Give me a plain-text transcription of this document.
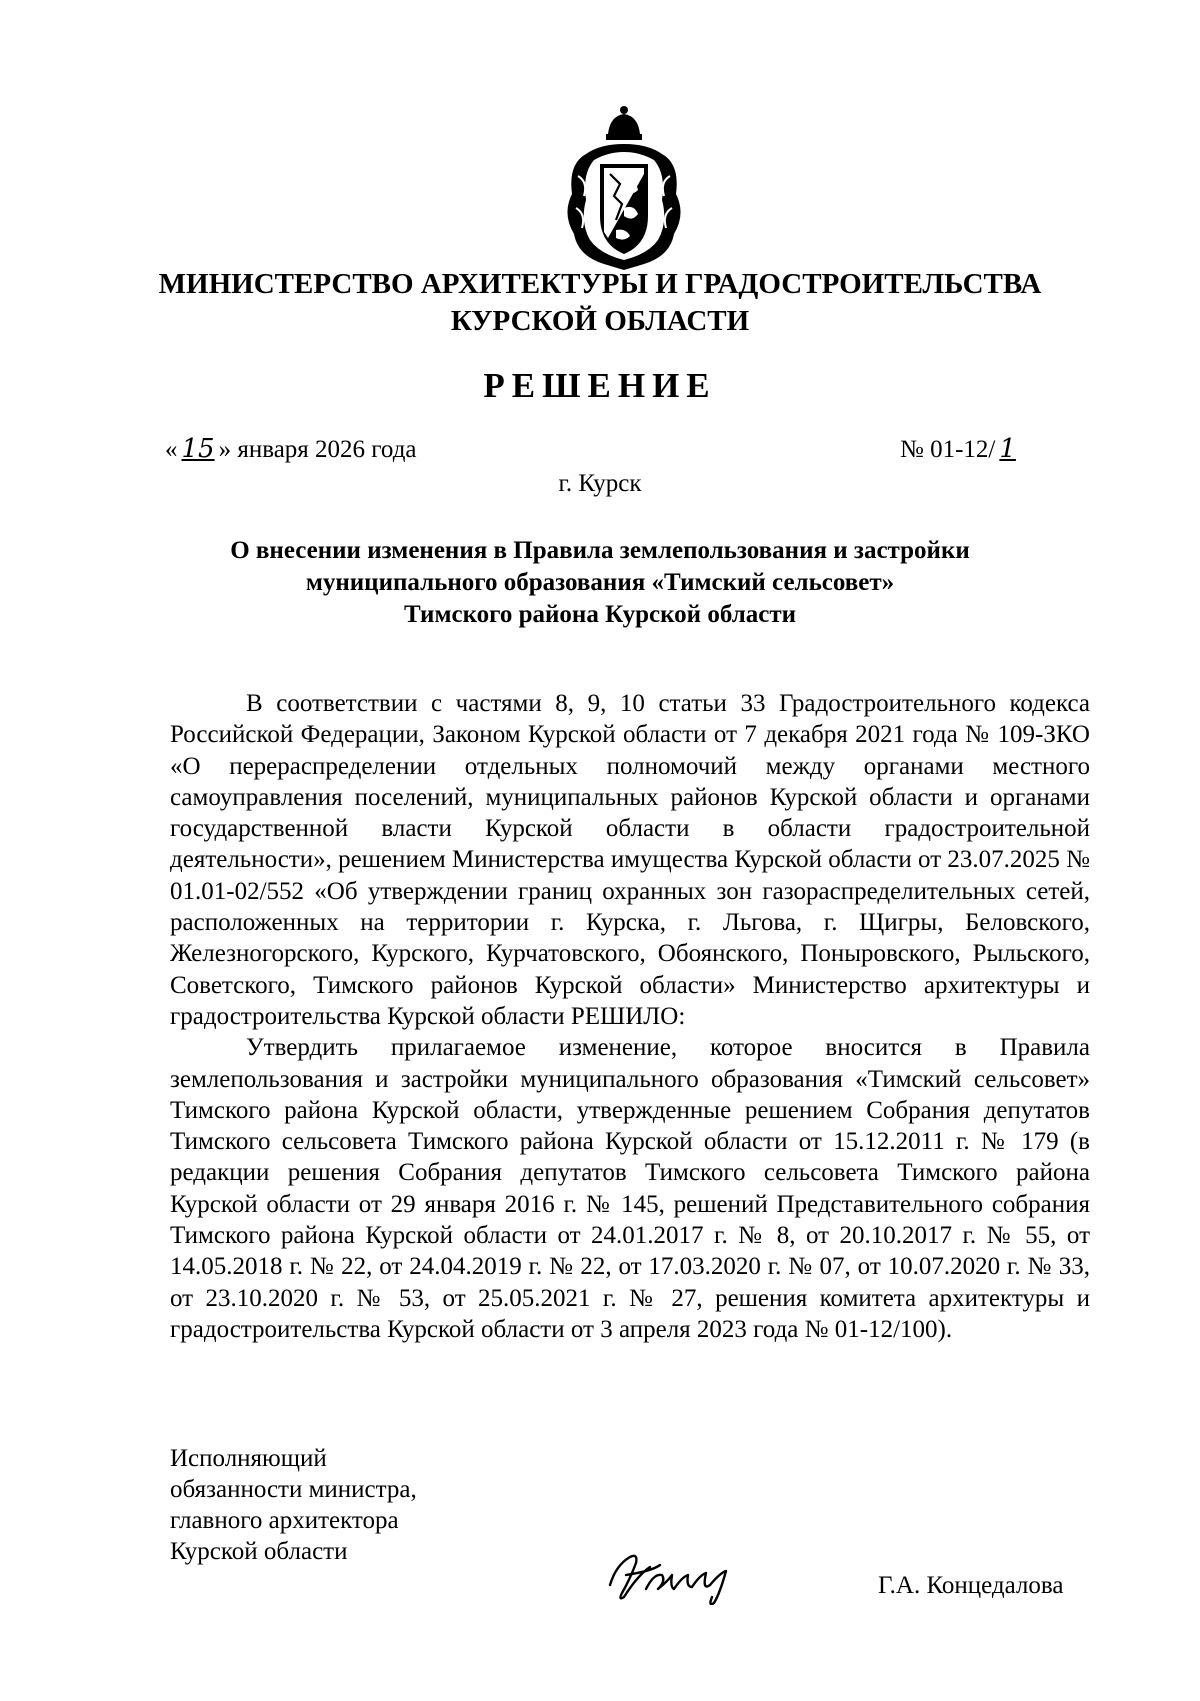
МИНИСТЕРСТВО АРХИТЕКТУРЫ И ГРАДОСТРОИТЕЛЬСТВА
КУРСКОЙ ОБЛАСТИ
РЕШЕНИЕ
« 15 » января 2026 года	№ 01-12/ 1
г. Курск
О внесении изменения в Правила землепользования и застройки
муниципального образования «Тимский сельсовет»
Тимского района Курской области

В соответствии с частями 8, 9, 10 статьи 33 Градостроительного кодекса Российской Федерации, Законом Курской области от 7 декабря 2021 года № 109-ЗКО «О перераспределении отдельных полномочий между органами местного самоуправления поселений, муниципальных районов Курской области и органами государственной власти Курской области в области градостроительной деятельности», решением Министерства имущества Курской области от 23.07.2025 № 01.01-02/552 «Об утверждении границ охранных зон газораспределительных сетей, расположенных на территории г. Курска, г. Льгова, г. Щигры, Беловского, Железногорского, Курского, Курчатовского, Обоянского, Поныровского, Рыльского, Советского, Тимского районов Курской области» Министерство архитектуры и градостроительства Курской области РЕШИЛО:

Утвердить прилагаемое изменение, которое вносится в Правила землепользования и застройки муниципального образования «Тимский сельсовет» Тимского района Курской области, утвержденные решением Собрания депутатов Тимского сельсовета Тимского района Курской области от 15.12.2011 г. № 179 (в редакции решения Собрания депутатов Тимского сельсовета Тимского района Курской области от 29 января 2016 г. № 145, решений Представительного собрания Тимского района Курской области от 24.01.2017 г. № 8, от 20.10.2017 г. № 55, от 14.05.2018 г. № 22, от 24.04.2019 г. № 22, от 17.03.2020 г. № 07, от 10.07.2020 г. № 33, от 23.10.2020 г. № 53, от 25.05.2021 г. № 27, решения комитета архитектуры и градостроительства Курской области от 3 апреля 2023 года № 01-12/100).

Исполняющий
обязанности министра,
главного архитектора
Курской области
Г.А. Концедалова
